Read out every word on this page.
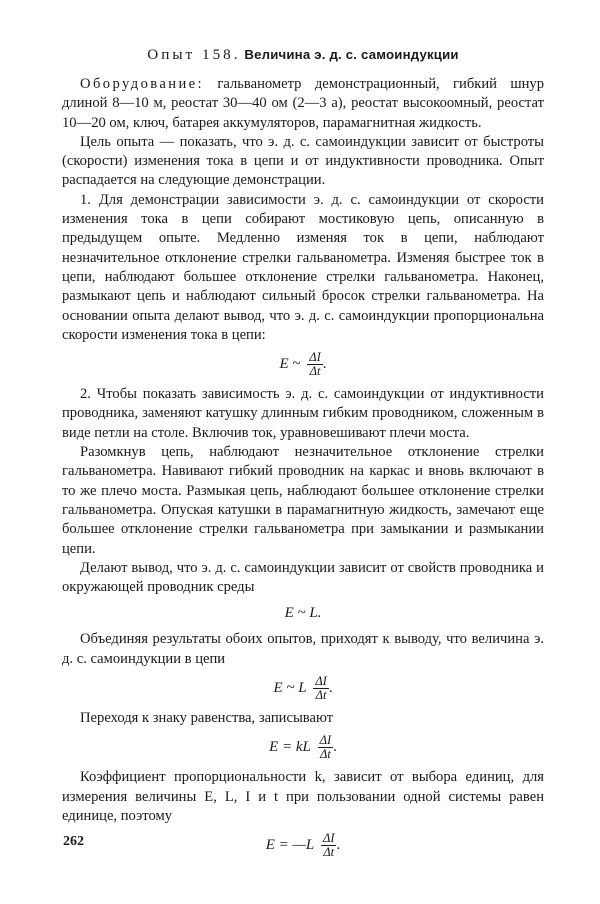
Опыт 158. Величина э. д. с. самоиндукции

Оборудование: гальванометр демонстрационный, гибкий шнур длиной 8—10 м, реостат 30—40 ом (2—3 а), реостат высокоомный, реостат 10—20 ом, ключ, батарея аккумуляторов, парамагнитная жидкость.

Цель опыта — показать, что э. д. с. самоиндукции зависит от быстроты (скорости) изменения тока в цепи и от индуктивности проводника. Опыт распадается на следующие демонстрации.

1. Для демонстрации зависимости э. д. с. самоиндукции от скорости изменения тока в цепи собирают мостиковую цепь, описанную в предыдущем опыте. Медленно изменяя ток в цепи, наблюдают незначительное отклонение стрелки гальванометра. Изменяя быстрее ток в цепи, наблюдают большее отклонение стрелки гальванометра. Наконец, размыкают цепь и наблюдают сильный бросок стрелки гальванометра. На основании опыта делают вывод, что э. д. с. самоиндукции пропорциональна скорости изменения тока в цепи:

E ~ $\frac{\Delta I}{\Delta t}$ .

2. Чтобы показать зависимость э. д. с. самоиндукции от индуктивности проводника, заменяют катушку длинным гибким проводником, сложенным в виде петли на столе. Включив ток, уравновешивают плечи моста.

Разомкнув цепь, наблюдают незначительное отклонение стрелки гальванометра. Навивают гибкий проводник на каркас и вновь включают в то же плечо моста. Размыкая цепь, наблюдают большее отклонение стрелки гальванометра. Опуская катушки в парамагнитную жидкость, замечают еще большее отклонение стрелки гальванометра при замыкании и размыкании цепи.

Делают вывод, что э. д. с. самоиндукции зависит от свойств проводника и окружающей проводник среды

E ~ L.

Объединяя результаты обоих опытов, приходят к выводу, что величина э. д. с. самоиндукции в цепи

E ~ L $\frac{\Delta I}{\Delta t}$ .

Переходя к знаку равенства, записывают

E = kL $\frac{\Delta I}{\Delta t}$ .

Коэффициент пропорциональности k, зависит от выбора единиц, для измерения величины E, L, I и t при пользовании одной системы равен единице, поэтому

E = —L $\frac{\Delta I}{\Delta t}$ .
262
